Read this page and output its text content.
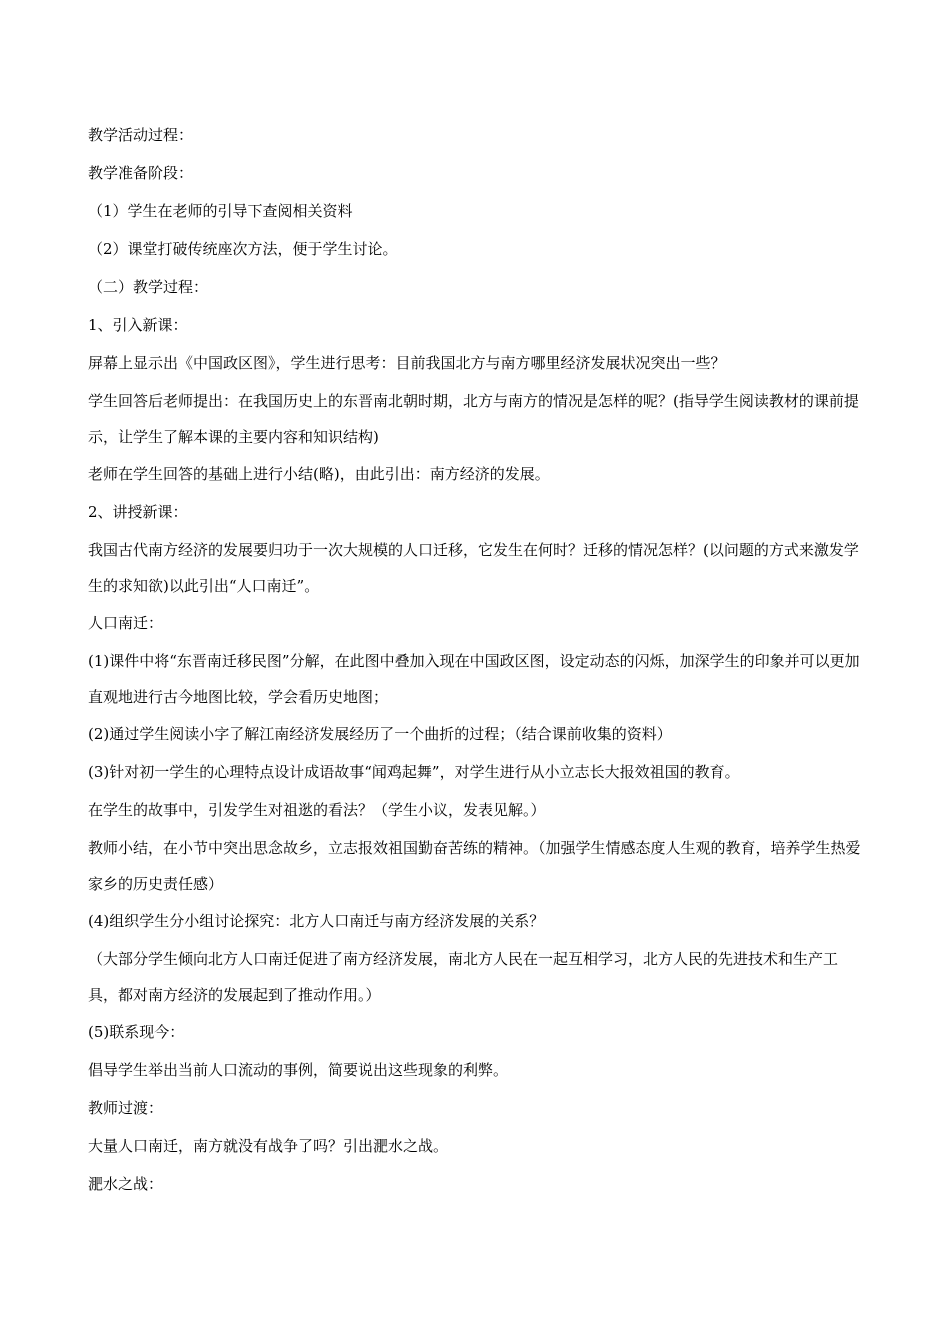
教学活动过程：

教学准备阶段：

（1）学生在老师的引导下查阅相关资料

（2）课堂打破传统座次方法，便于学生讨论。

（二）教学过程：

1、引入新课：

屏幕上显示出《中国政区图》，学生进行思考：目前我国北方与南方哪里经济发展状况突出一些？

学生回答后老师提出：在我国历史上的东晋南北朝时期，北方与南方的情况是怎样的呢？(指导学生阅读教材的课前提示，让学生了解本课的主要内容和知识结构)

老师在学生回答的基础上进行小结(略)，由此引出：南方经济的发展。

2、讲授新课：

我国古代南方经济的发展要归功于一次大规模的人口迁移，它发生在何时？迁移的情况怎样？(以问题的方式来激发学生的求知欲)以此引出“人口南迁”。

人口南迁：

(1)课件中将“东晋南迁移民图”分解，在此图中叠加入现在中国政区图，设定动态的闪烁，加深学生的印象并可以更加直观地进行古今地图比较，学会看历史地图；

(2)通过学生阅读小字了解江南经济发展经历了一个曲折的过程；（结合课前收集的资料）

(3)针对初一学生的心理特点设计成语故事“闻鸡起舞”，对学生进行从小立志长大报效祖国的教育。

在学生的故事中，引发学生对祖逖的看法？（学生小议，发表见解。）

教师小结，在小节中突出思念故乡，立志报效祖国勤奋苦练的精神。（加强学生情感态度人生观的教育，培养学生热爱家乡的历史责任感）

(4)组织学生分小组讨论探究：北方人口南迁与南方经济发展的关系？

（大部分学生倾向北方人口南迁促进了南方经济发展，南北方人民在一起互相学习，北方人民的先进技术和生产工具，都对南方经济的发展起到了推动作用。）

(5)联系现今：

倡导学生举出当前人口流动的事例，简要说出这些现象的利弊。

教师过渡：

大量人口南迁，南方就没有战争了吗？引出淝水之战。

淝水之战：
